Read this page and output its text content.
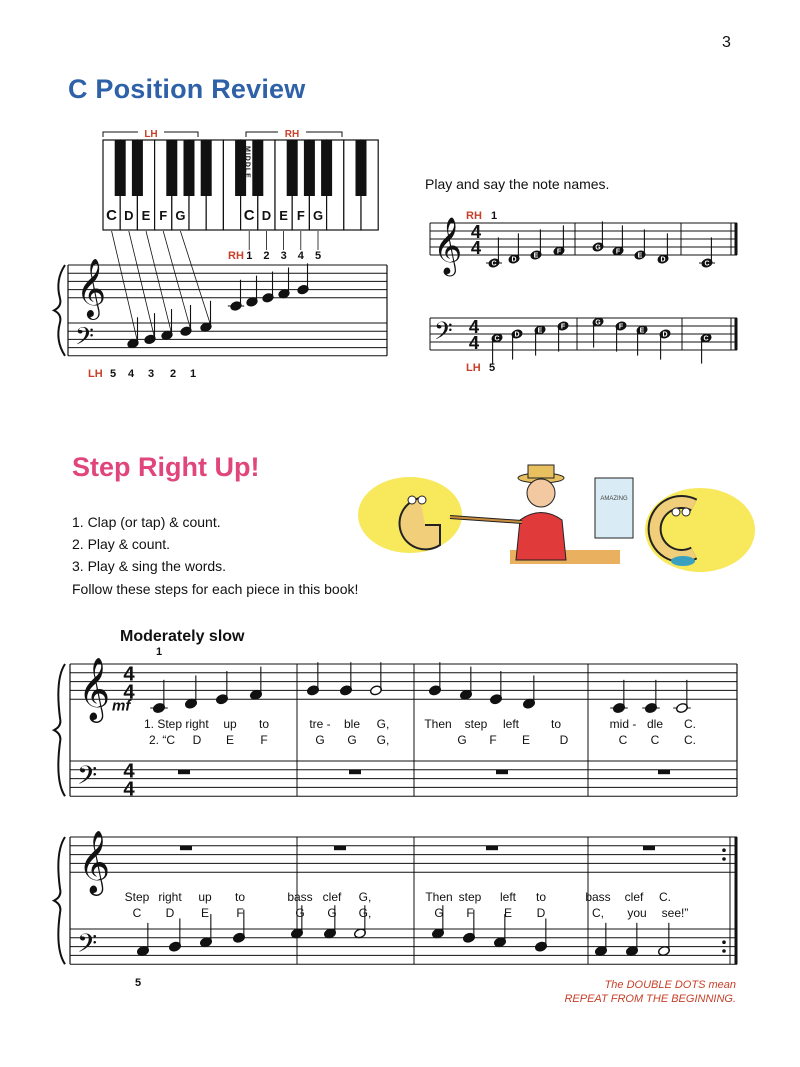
3
C Position Review
LH	RH
MIDDLE
C D E F G	C D E F G
𝄞
𝄢
RH 1 2 3 4 5
LH 5 4 3 2 1
Play and say the note names.
𝄞 4
4
C
D
E
F
G
F
E
D
C
𝄢 4
4 C
D
E
F
G
F
E
D
C
RH 1
LH 5
Step Right Up!
1. Clap (or tap) & count.
2. Play & count.
3. Play & sing the words.
Follow these steps for each piece in this book!
AMAZING
Moderately slow
𝄞
𝄢
4
4
4
4
𝄞
𝄢
mf
1. Step right up to	tre - ble G,	Then step left	to	mid - dle C.
2. “C D E F	G G G,	G F E D	C C C.
Step right up to	bass clef G,	Then step left to	bass clef C.
C D E F	G G G,	G F	E D	C, you see!”
1
5	The DOUBLE DOTS mean
REPEAT FROM THE BEGINNING.
